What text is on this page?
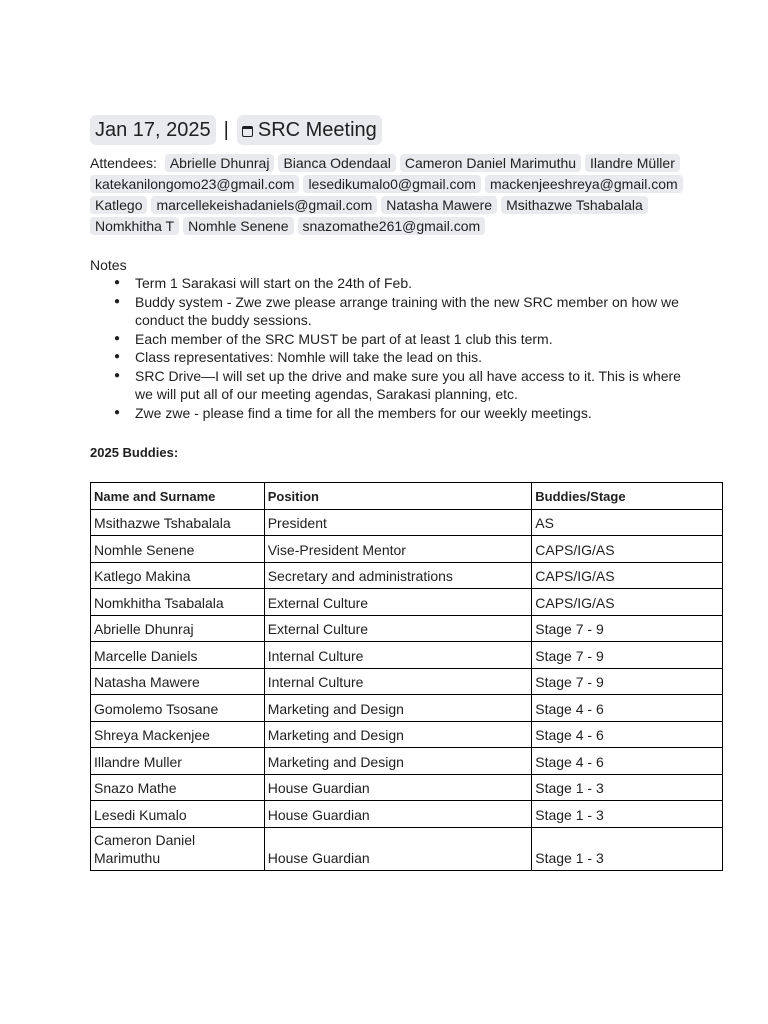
Jan 17, 2025 | SRC Meeting
Attendees: Abrielle Dhunraj Bianca Odendaal Cameron Daniel Marimuthu Ilandre Müller
katekanilongomo23@gmail.com lesedikumalo0@gmail.com mackenjeeshreya@gmail.com
Katlego marcellekeishadaniels@gmail.com Natasha Mawere Msithazwe Tshabalala
Nomkhitha T Nomhle Senene snazomathe261@gmail.com
Notes
● Term 1 Sarakasi will start on the 24th of Feb.
● Buddy system - Zwe zwe please arrange training with the new SRC member on how we conduct the buddy sessions.
● Each member of the SRC MUST be part of at least 1 club this term.
● Class representatives: Nomhle will take the lead on this.
● SRC Drive—I will set up the drive and make sure you all have access to it. This is where we will put all of our meeting agendas, Sarakasi planning, etc.
● Zwe zwe - please find a time for all the members for our weekly meetings.
2025 Buddies:
Name and Surname	Position	Buddies/Stage
Msithazwe Tshabalala	President	AS
Nomhle Senene	Vise-President Mentor	CAPS/IG/AS
Katlego Makina	Secretary and administrations	CAPS/IG/AS
Nomkhitha Tsabalala	External Culture	CAPS/IG/AS
Abrielle Dhunraj	External Culture	Stage 7 - 9
Marcelle Daniels	Internal Culture	Stage 7 - 9
Natasha Mawere	Internal Culture	Stage 7 - 9
Gomolemo Tsosane	Marketing and Design	Stage 4 - 6
Shreya Mackenjee	Marketing and Design	Stage 4 - 6
Illandre Muller	Marketing and Design	Stage 4 - 6
Snazo Mathe	House Guardian	Stage 1 - 3
Lesedi Kumalo	House Guardian	Stage 1 - 3
Cameron Daniel Marimuthu	House Guardian	Stage 1 - 3
